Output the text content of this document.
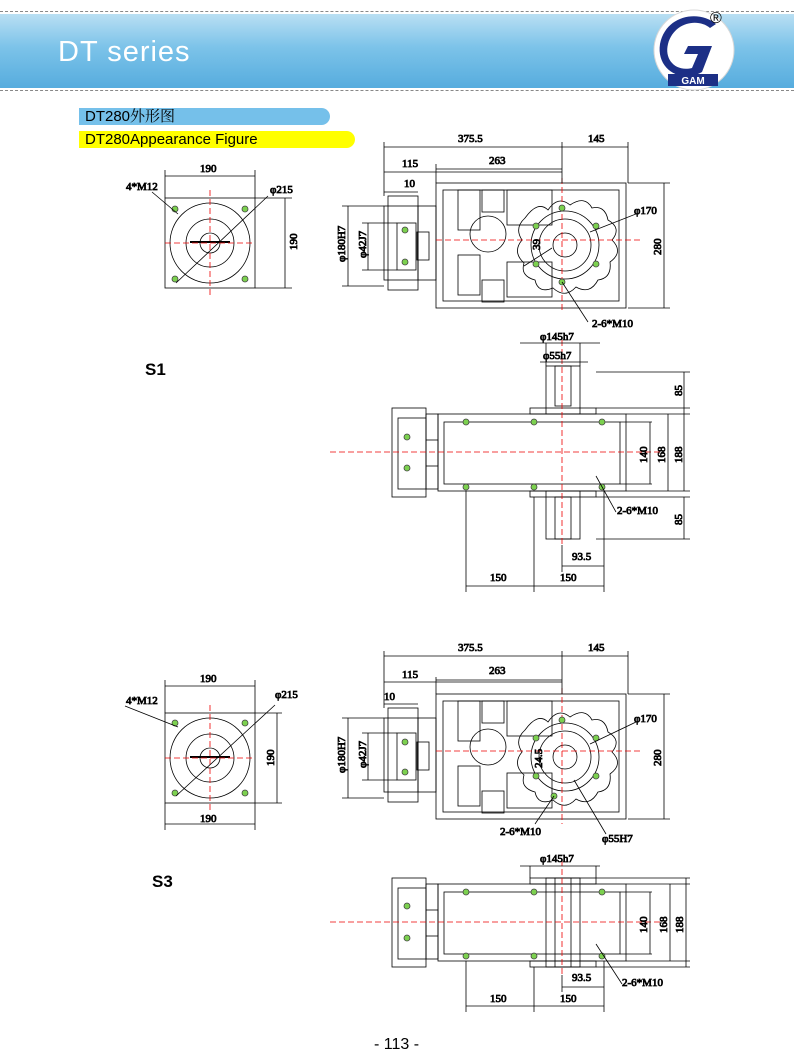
DT series
GAM
®
DT280外形图
DT280Appearance Figure
S1
S3
- 113 -
190
4*M12	φ215
190
375.5	145
115	263
10
φ180H7 φ42J7
φ170
280
39
2-6*M10
φ145h7
φ55h7
85
140 168 188
85
2-6*M10
93.5
150	150
190
4*M12	φ215
190
190
375.5	145
115	263
10
φ180H7 φ42J7
φ170
280
24.5
2-6*M10
φ55H7
φ145h7
140 168 188
2-6*M10
93.5
150	150
